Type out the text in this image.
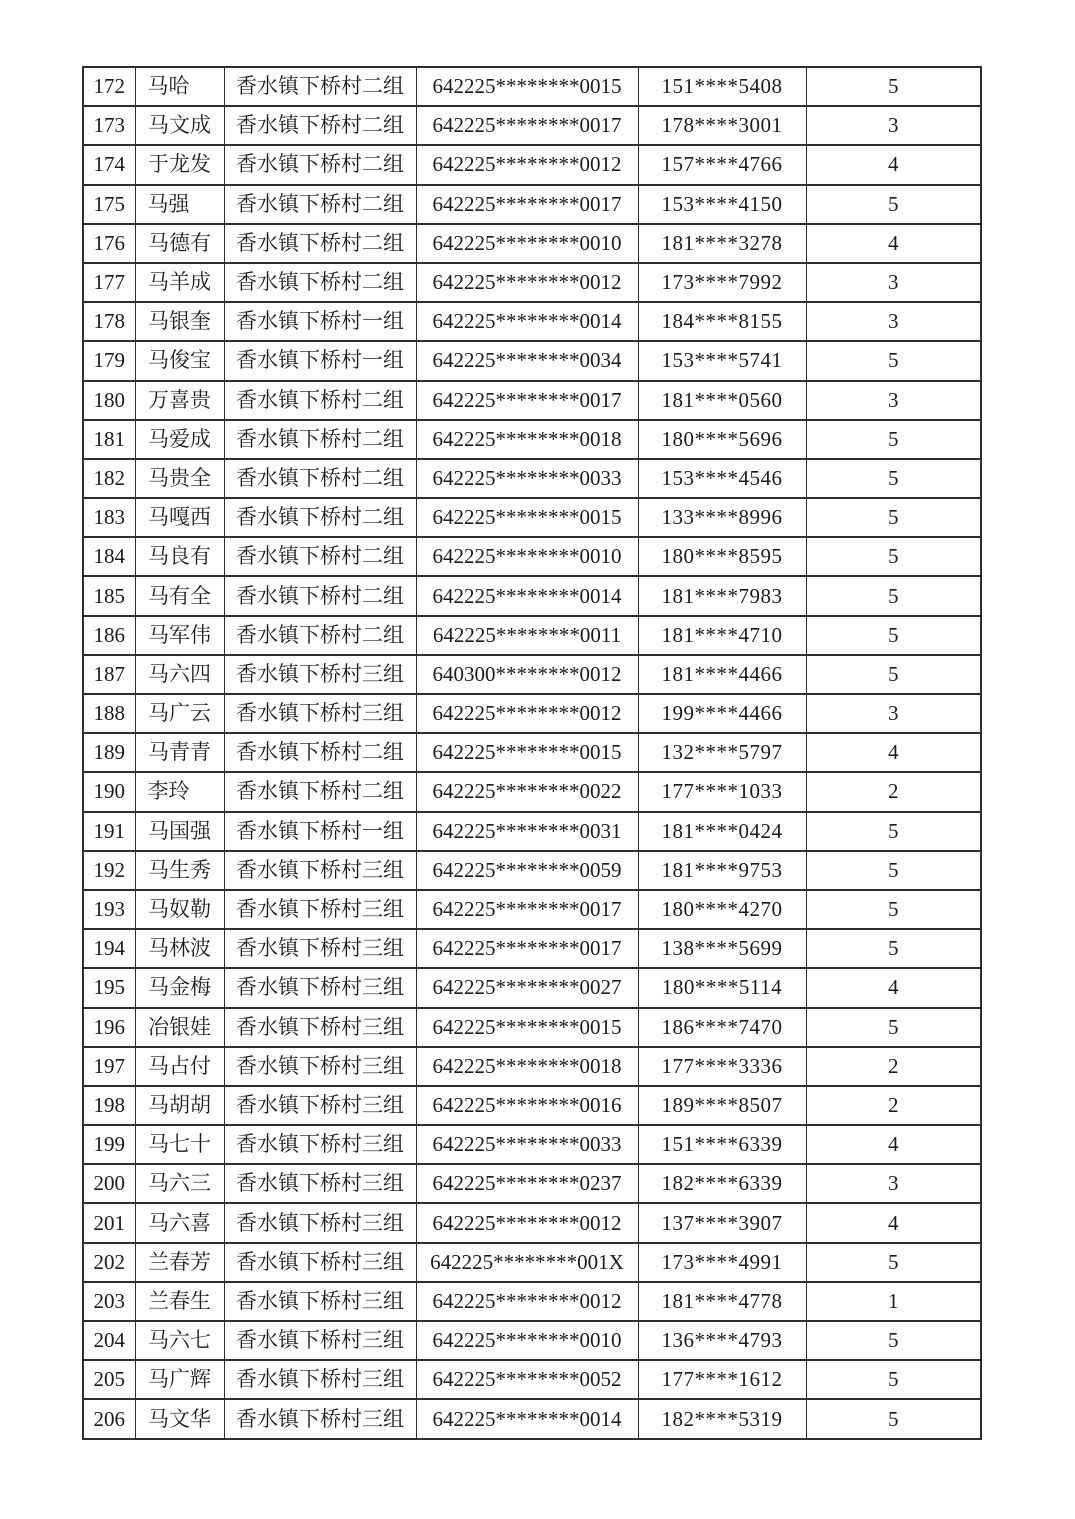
172	马哈	香水镇下桥村二组	642225********0015	151****5408	5
173	马文成	香水镇下桥村二组	642225********0017	178****3001	3
174	于龙发	香水镇下桥村二组	642225********0012	157****4766	4
175	马强	香水镇下桥村二组	642225********0017	153****4150	5
176	马德有	香水镇下桥村二组	642225********0010	181****3278	4
177	马羊成	香水镇下桥村二组	642225********0012	173****7992	3
178	马银奎	香水镇下桥村一组	642225********0014	184****8155	3
179	马俊宝	香水镇下桥村一组	642225********0034	153****5741	5
180	万喜贵	香水镇下桥村二组	642225********0017	181****0560	3
181	马爱成	香水镇下桥村二组	642225********0018	180****5696	5
182	马贵全	香水镇下桥村二组	642225********0033	153****4546	5
183	马嘎西	香水镇下桥村二组	642225********0015	133****8996	5
184	马良有	香水镇下桥村二组	642225********0010	180****8595	5
185	马有全	香水镇下桥村二组	642225********0014	181****7983	5
186	马军伟	香水镇下桥村二组	642225********0011	181****4710	5
187	马六四	香水镇下桥村三组	640300********0012	181****4466	5
188	马广云	香水镇下桥村三组	642225********0012	199****4466	3
189	马青青	香水镇下桥村二组	642225********0015	132****5797	4
190	李玲	香水镇下桥村二组	642225********0022	177****1033	2
191	马国强	香水镇下桥村一组	642225********0031	181****0424	5
192	马生秀	香水镇下桥村三组	642225********0059	181****9753	5
193	马奴勒	香水镇下桥村三组	642225********0017	180****4270	5
194	马林波	香水镇下桥村三组	642225********0017	138****5699	5
195	马金梅	香水镇下桥村三组	642225********0027	180****5114	4
196	冶银娃	香水镇下桥村三组	642225********0015	186****7470	5
197	马占付	香水镇下桥村三组	642225********0018	177****3336	2
198	马胡胡	香水镇下桥村三组	642225********0016	189****8507	2
199	马七十	香水镇下桥村三组	642225********0033	151****6339	4
200	马六三	香水镇下桥村三组	642225********0237	182****6339	3
201	马六喜	香水镇下桥村三组	642225********0012	137****3907	4
202	兰春芳	香水镇下桥村三组	642225********001X	173****4991	5
203	兰春生	香水镇下桥村三组	642225********0012	181****4778	1
204	马六七	香水镇下桥村三组	642225********0010	136****4793	5
205	马广辉	香水镇下桥村三组	642225********0052	177****1612	5
206	马文华	香水镇下桥村三组	642225********0014	182****5319	5
